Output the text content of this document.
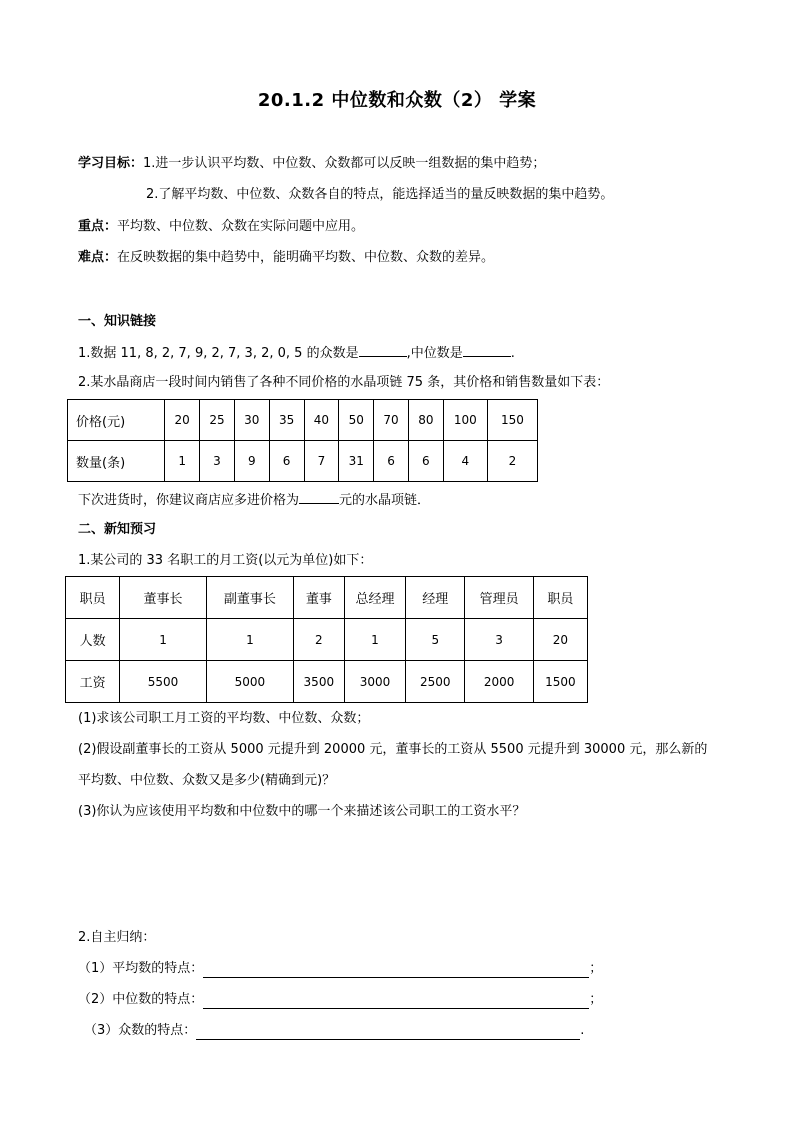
20.1.2 中位数和众数（2） 学案
学习目标：1.进一步认识平均数、中位数、众数都可以反映一组数据的集中趋势；
2.了解平均数、中位数、众数各自的特点，能选择适当的量反映数据的集中趋势。
重点：平均数、中位数、众数在实际问题中应用。
难点：在反映数据的集中趋势中，能明确平均数、中位数、众数的差异。
一、知识链接
1.数据 11, 8, 2, 7, 9, 2, 7, 3, 2, 0, 5 的众数是	,中位数是	.
2.某水晶商店一段时间内销售了各种不同价格的水晶项链 75 条，其价格和销售数量如下表：
价格(元)	20	25	30	35	40	50	70	80	100	150
数量(条)	1	3	9	6	7	31	6	6	4	2
下次进货时，你建议商店应多进价格为	元的水晶项链．
二、新知预习
1.某公司的 33 名职工的月工资(以元为单位)如下：
职员	董事长	副董事长	董事	总经理	经理	管理员	职员
人数	1	1	2	1	5	3	20
工资	5500	5000	3500	3000	2500	2000	1500
(1)求该公司职工月工资的平均数、中位数、众数；
(2)假设副董事长的工资从 5000 元提升到 20000 元，董事长的工资从 5500 元提升到 30000 元，那么新的
平均数、中位数、众数又是多少(精确到元)？
(3)你认为应该使用平均数和中位数中的哪一个来描述该公司职工的工资水平？
2.自主归纳：
（1）平均数的特点：	；
（2）中位数的特点：	；
（3）众数的特点：	.
